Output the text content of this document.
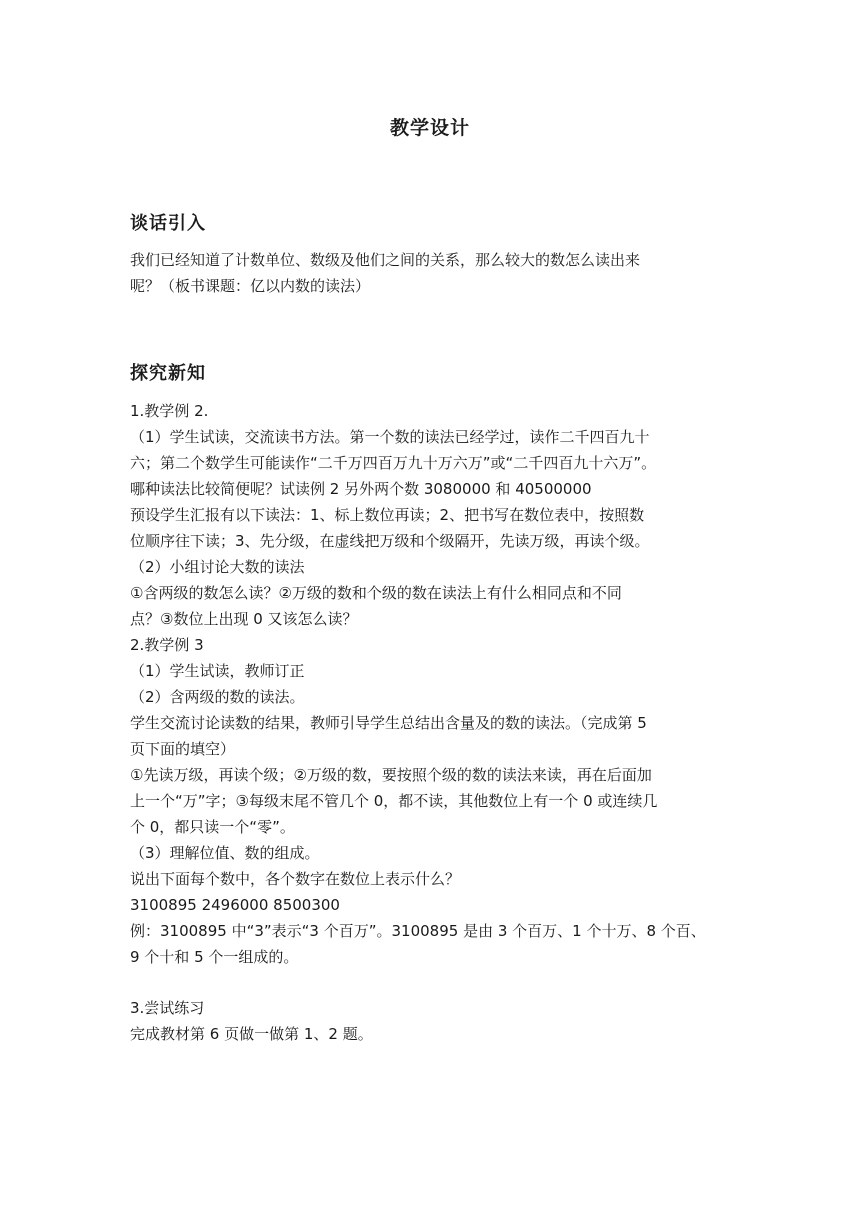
教学设计
谈话引入
我们已经知道了计数单位、数级及他们之间的关系，那么较大的数怎么读出来
呢？（板书课题：亿以内数的读法）
探究新知
1.教学例 2.
（1）学生试读，交流读书方法。第一个数的读法已经学过，读作二千四百九十
六；第二个数学生可能读作“二千万四百万九十万六万”或“二千四百九十六万”。
哪种读法比较简便呢？试读例 2 另外两个数 3080000 和 40500000
预设学生汇报有以下读法：1、标上数位再读；2、把书写在数位表中，按照数
位顺序往下读；3、先分级，在虚线把万级和个级隔开，先读万级，再读个级。
（2）小组讨论大数的读法
①含两级的数怎么读？②万级的数和个级的数在读法上有什么相同点和不同
点？③数位上出现 0 又该怎么读？
2.教学例 3
（1）学生试读，教师订正
（2）含两级的数的读法。
学生交流讨论读数的结果，教师引导学生总结出含量及的数的读法。（完成第 5
页下面的填空）
①先读万级，再读个级；②万级的数，要按照个级的数的读法来读，再在后面加
上一个“万”字；③每级末尾不管几个 0，都不读，其他数位上有一个 0 或连续几
个 0，都只读一个“零”。
（3）理解位值、数的组成。
说出下面每个数中，各个数字在数位上表示什么？
3100895 2496000 8500300
例：3100895 中“3”表示“3 个百万”。3100895 是由 3 个百万、1 个十万、8 个百、
9 个十和 5 个一组成的。
3.尝试练习
完成教材第 6 页做一做第 1、2 题。
